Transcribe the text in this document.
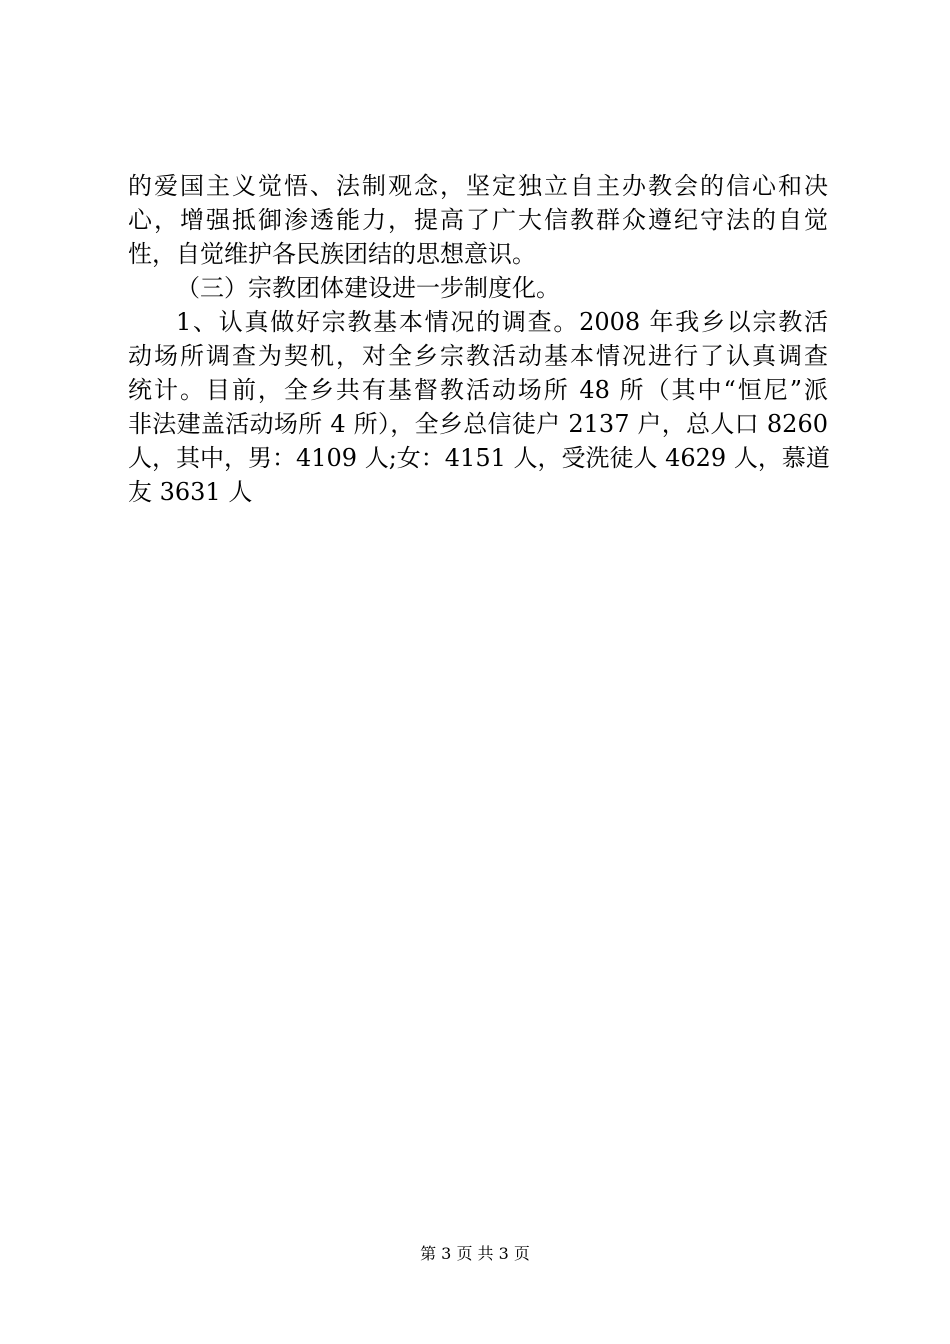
的爱国主义觉悟、法制观念，坚定独立自主办教会的信心和决
心，增强抵御渗透能力，提高了广大信教群众遵纪守法的自觉
性，自觉维护各民族团结的思想意识。
（三）宗教团体建设进一步制度化。
1、认真做好宗教基本情况的调查。2008 年我乡以宗教活
动场所调查为契机，对全乡宗教活动基本情况进行了认真调查
统计。目前，全乡共有基督教活动场所 48 所（其中“恒尼”派
非法建盖活动场所 4 所），全乡总信徒户 2137 户，总人口 8260
人，其中，男：4109 人;女：4151 人，受洗徒人 4629 人，慕道
友 3631 人
第 3 页 共 3 页
